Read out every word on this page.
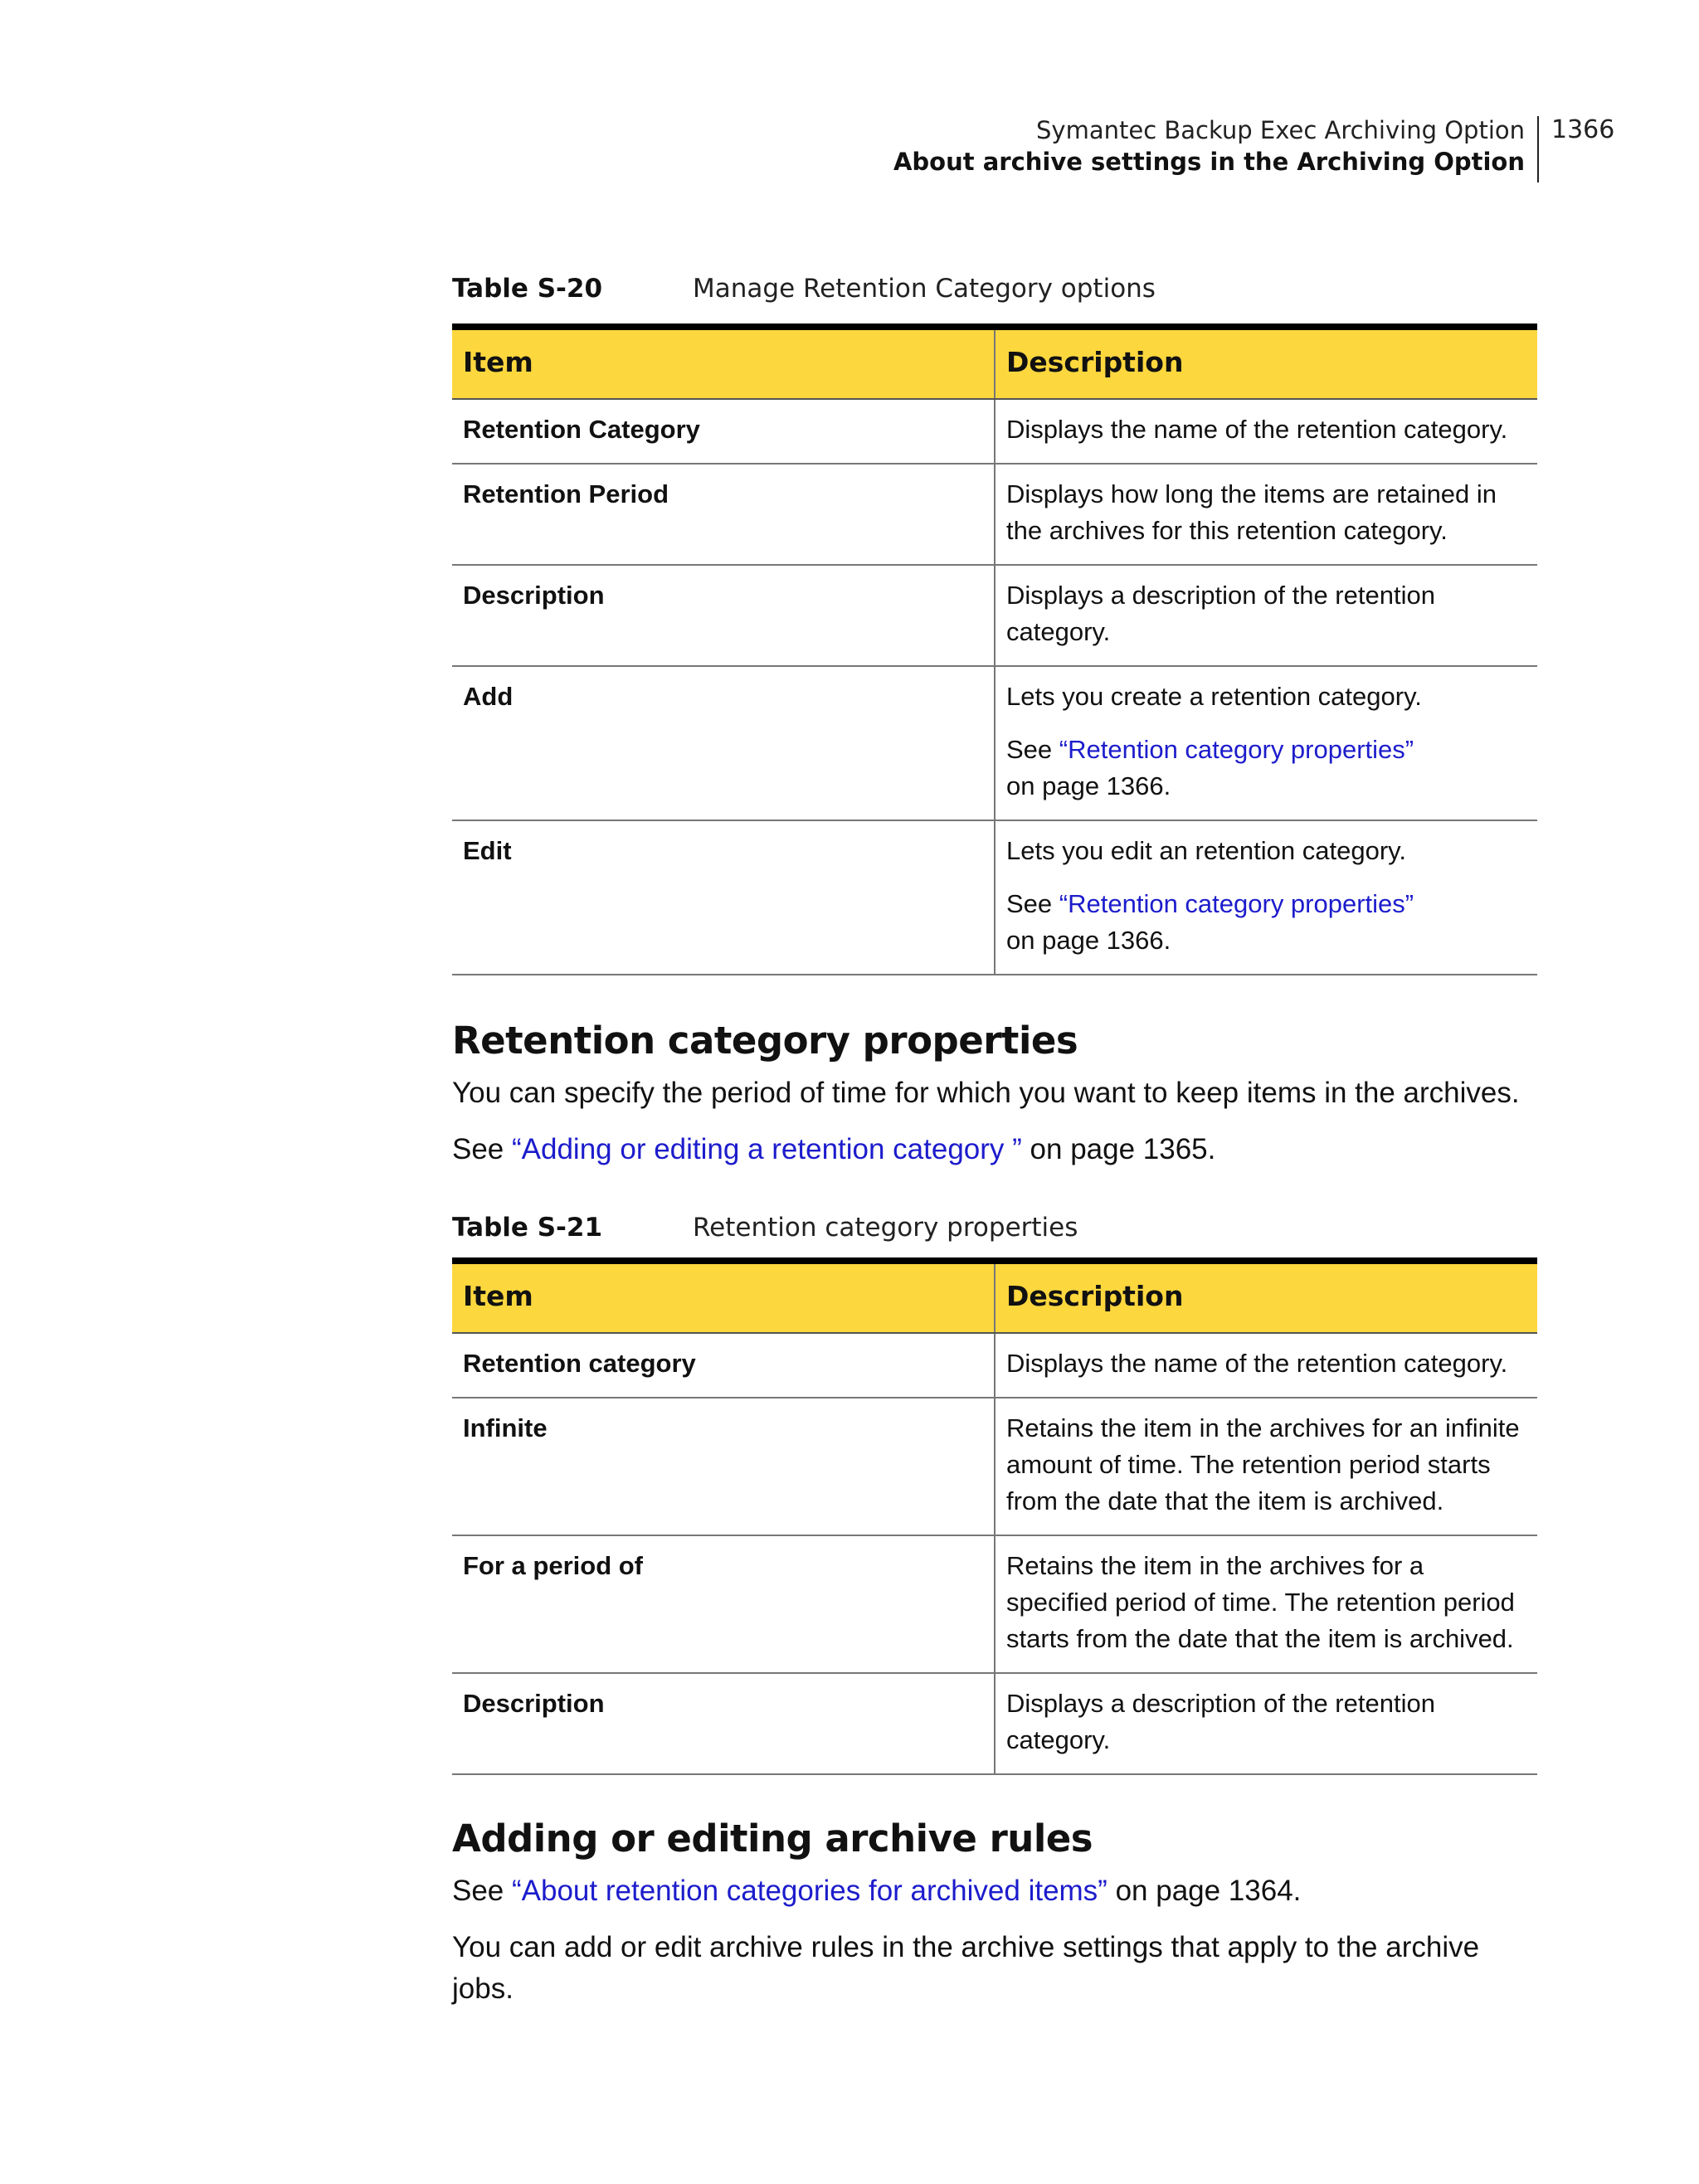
Symantec Backup Exec Archiving Option
About archive settings in the Archiving Option
1366
Table S-20	Manage Retention Category options
Item	Description
Retention Category	Displays the name of the retention category.

Retention Period	Displays how long the items are retained in the archives for this retention category.

Description	Displays a description of the retention category.

Add	Lets you create a retention category.

See “Retention category properties”
on page 1366.

Edit	Lets you edit an retention category.

See “Retention category properties”
on page 1366.

Retention category properties

You can specify the period of time for which you want to keep items in the archives.

See “Adding or editing a retention category ” on page 1365.

Table S-21	Retention category properties
Item	Description
Retention category	Displays the name of the retention category.
Infinite	Retains the item in the archives for an infinite amount of time. The retention period starts from the date that the item is archived.
For a period of	Retains the item in the archives for a specified period of time. The retention period starts from the date that the item is archived.
Description	Displays a description of the retention category.
Adding or editing archive rules

See “About retention categories for archived items” on page 1364.

You can add or edit archive rules in the archive settings that apply to the archive jobs.
